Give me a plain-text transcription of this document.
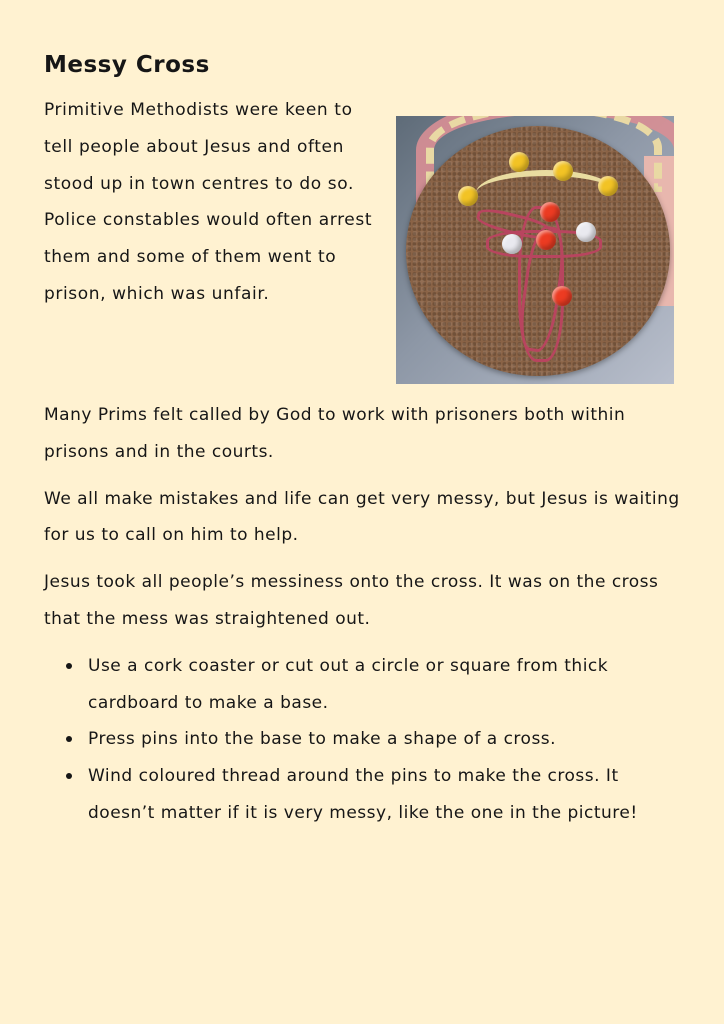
Messy Cross

Primitive Methodists were keen to tell people about Jesus and often stood up in town centres to do so. Police constables would often arrest them and some of them went to prison, which was unfair.

Many Prims felt called by God to work with prisoners both within prisons and in the courts.

We all make mistakes and life can get very messy, but Jesus is waiting for us to call on him to help.

Jesus took all people’s messiness onto the cross. It was on the cross that the mess was straightened out.

Use a cork coaster or cut out a circle or square from thick cardboard to make a base.
Press pins into the base to make a shape of a cross.
Wind coloured thread around the pins to make the cross. It doesn’t matter if it is very messy, like the one in the picture!
